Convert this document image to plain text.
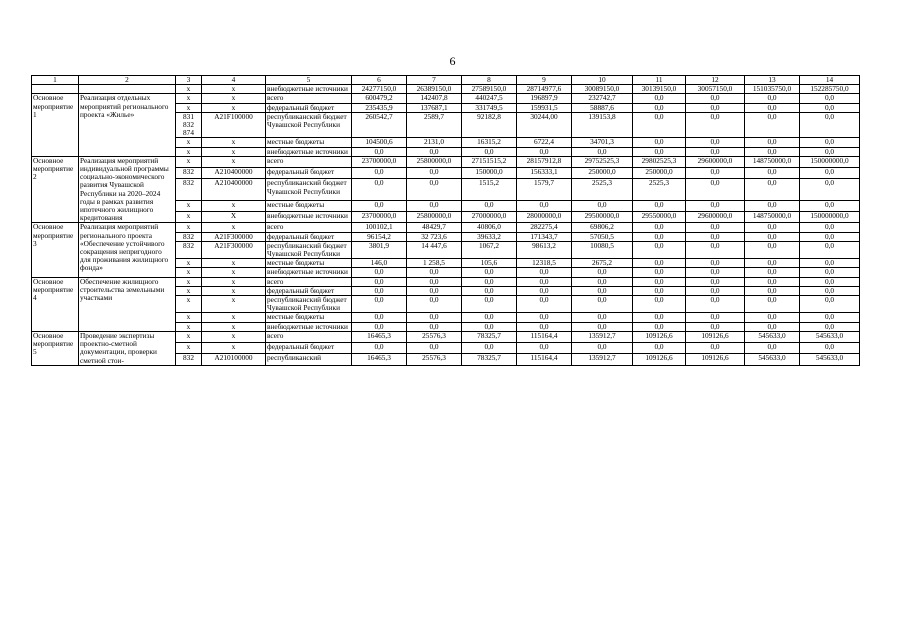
6
1	2	3	4	5	6	7	8	9	10	11	12	13	14
		x	x	внебюджетные источники	24277150,0	26389150,0	27589150,0	28714977,6	30089150,0	30139150,0	30057150,0	151035750,0	152285750,0
Основное мероприятие 1	Реализация отдельных мероприятий регионального проекта «Жилье»	x	x	всего	600479,2	142407,8	440247,5	196897,9	232742,7	0,0	0,0	0,0	0,0
		x	x	федеральный бюджет	235435,9	137687,1	331749,5	159931,5	58887,6	0,0	0,0	0,0	0,0
		831 832 874	A21F100000	республиканский бюджет Чувашской Республики	260542,7	2589,7	92182,8	30244,00	139153,8	0,0	0,0	0,0	0,0
		x	x	местные бюджеты	104500,6	2131,0	16315,2	6722,4	34701,3	0,0	0,0	0,0	0,0
		x	x	внебюджетные источники	0,0	0,0	0,0	0,0	0,0	0,0	0,0	0,0	0,0
Основное мероприятие 2	Реализация мероприятий индивидуальной программы социально-экономического развития Чувашской Республики на 2020–2024 годы в рамках развития ипотечного жилищного кредитования	x	x	всего	23700000,0	25800000,0	27151515,2	28157912,8	29752525,3	29802525,3	29600000,0	148750000,0	150000000,0
		832	A210400000	федеральный бюджет	0,0	0,0	150000,0	156333,1	250000,0	250000,0	0,0	0,0	0,0
		832	A210400000	республиканский бюджет Чувашской Республики	0,0	0,0	1515,2	1579,7	2525,3	2525,3	0,0	0,0	0,0
		x	x	местные бюджеты	0,0	0,0	0,0	0,0	0,0	0,0	0,0	0,0	0,0
		x	X	внебюджетные источники	23700000,0	25800000,0	27000000,0	28000000,0	29500000,0	29550000,0	29600000,0	148750000,0	150000000,0
Основное мероприятие 3	Реализация мероприятий регионального проекта «Обеспечение устойчивого сокращения непригодного для проживания жилищного фонда»	x	x	всего	100102,1	48429,7	40806,0	282275,4	69806,2	0,0	0,0	0,0	0,0
		832	A21F300000	федеральный бюджет	96154,2	32 723,6	39633,2	171343,7	57050,5	0,0	0,0	0,0	0,0
		832	A21F300000	республиканский бюджет Чувашской Республики	3801,9	14 447,6	1067,2	98613,2	10080,5	0,0	0,0	0,0	0,0
		x	x	местные бюджеты	146,0	1 258,5	105,6	12318,5	2675,2	0,0	0,0	0,0	0,0
		x	x	внебюджетные источники	0,0	0,0	0,0	0,0	0,0	0,0	0,0	0,0	0,0
Основное мероприятие 4	Обеспечение жилищного строительства земельными участками	x	x	всего	0,0	0,0	0,0	0,0	0,0	0,0	0,0	0,0	0,0
		x	x	федеральный бюджет	0,0	0,0	0,0	0,0	0,0	0,0	0,0	0,0	0,0
		x	x	республиканский бюджет Чувашской Республики	0,0	0,0	0,0	0,0	0,0	0,0	0,0	0,0	0,0
		x	x	местные бюджеты	0,0	0,0	0,0	0,0	0,0	0,0	0,0	0,0	0,0
		x	x	внебюджетные источники	0,0	0,0	0,0	0,0	0,0	0,0	0,0	0,0	0,0
Основное мероприятие 5	Проведение экспертизы проектно-сметной документации, проверки сметной стои-	x	x	всего	16465,3	25576,3	78325,7	115164,4	135912,7	109126,6	109126,6	545633,0	545633,0
		x	x	федеральный бюджет	0,0	0,0	0,0	0,0	0,0	0,0	0,0	0,0	0,0
		832	A210100000	республиканский	16465,3	25576,3	78325,7	115164,4	135912,7	109126,6	109126,6	545633,0	545633,0
